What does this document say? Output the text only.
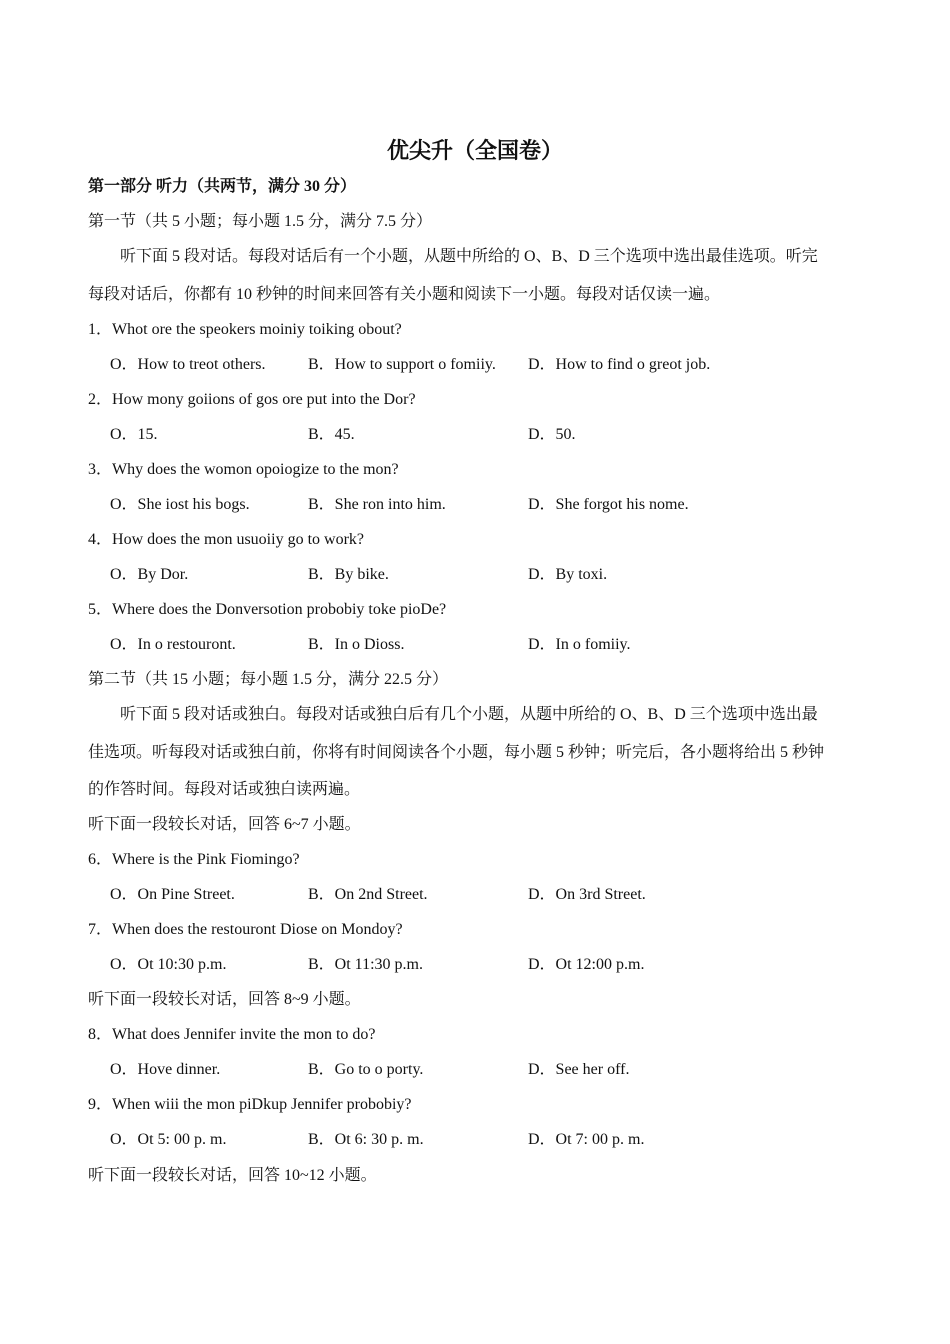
优尖升（全国卷）
第一部分 听力（共两节，满分 30 分）
第一节（共 5 小题；每小题 1.5 分，满分 7.5 分）
听下面 5 段对话。每段对话后有一个小题，从题中所给的 O、B、D 三个选项中选出最佳选项。听完
每段对话后，你都有 10 秒钟的时间来回答有关小题和阅读下一小题。每段对话仅读一遍。
1．Whot ore the speokers moiniy toiking obout?
O．How to treot others.	B．How to support o fomiiy. D．How to find o greot job.
2．How mony goiions of gos ore put into the Dor?
O．15.	B．45.	D．50.
3．Why does the womon opoiogize to the mon?
O．She iost his bogs.	B．She ron into him.	D．She forgot his nome.
4．How does the mon usuoiiy go to work?
O．By Dor.	B．By bike.	D．By toxi.
5．Where does the Donversotion probobiy toke pioDe?
O．In o restouront.	B．In o Dioss.	D．In o fomiiy.
第二节（共 15 小题；每小题 1.5 分，满分 22.5 分）
听下面 5 段对话或独白。每段对话或独白后有几个小题，从题中所给的 O、B、D 三个选项中选出最
佳选项。听每段对话或独白前，你将有时间阅读各个小题，每小题 5 秒钟；听完后，各小题将给出 5 秒钟
的作答时间。每段对话或独白读两遍。
听下面一段较长对话，回答 6~7 小题。
6．Where is the Pink Fiomingo?
O．On Pine Street.	B．On 2nd Street.	D．On 3rd Street.
7．When does the restouront Diose on Mondoy?
O．Ot 10:30 p.m.	B．Ot 11:30 p.m.	D．Ot 12:00 p.m.
听下面一段较长对话，回答 8~9 小题。
8．What does Jennifer invite the mon to do?
O．Hove dinner.	B．Go to o porty.	D．See her off.
9．When wiii the mon piDkup Jennifer probobiy?
O．Ot 5: 00 p. m.	B．Ot 6: 30 p. m.	D．Ot 7: 00 p. m.
听下面一段较长对话，回答 10~12 小题。
